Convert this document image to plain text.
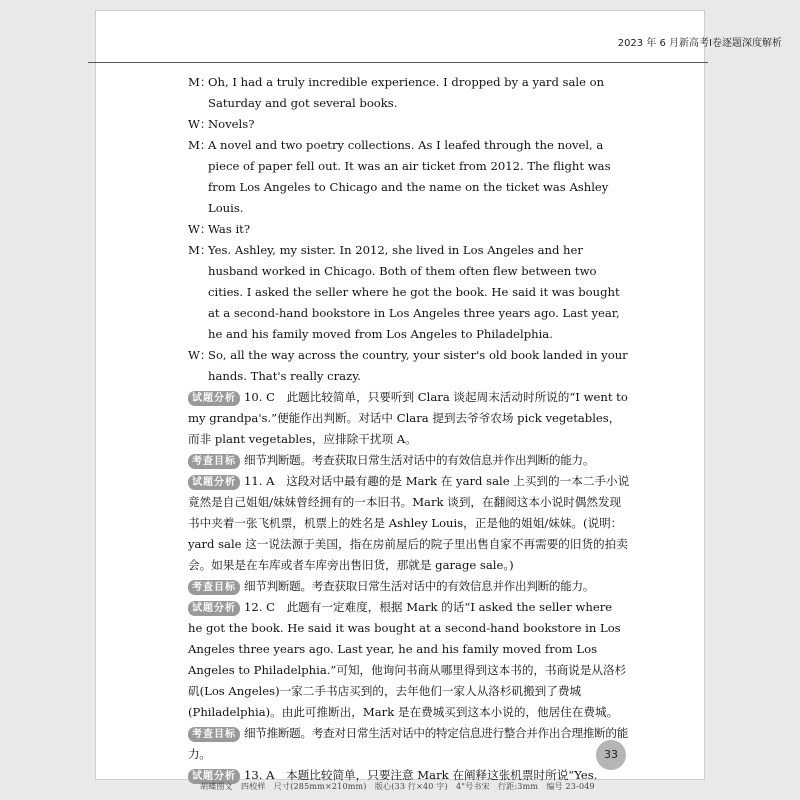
2023 年 6 月新高考Ⅰ卷逐题深度解析
M：
Oh, I had a truly incredible experience. I dropped by a yard sale on Saturday and got several books.
W：
Novels?
M：
A novel and two poetry collections. As I leafed through the novel, a piece of paper fell out. It was an air ticket from 2012. The flight was from Los Angeles to Chicago and the name on the ticket was Ashley Louis.
W：
Was it?
M：
Yes. Ashley, my sister. In 2012, she lived in Los Angeles and her husband worked in Chicago. Both of them often flew between two cities. I asked the seller where he got the book. He said it was bought at a second-hand bookstore in Los Angeles three years ago. Last year, he and his family moved from Los Angeles to Philadelphia.
W：
So, all the way across the country, your sister's old book landed in your hands. That's really crazy.

试题分析 10. C　此题比较简单，只要听到 Clara 谈起周末活动时所说的“I went to my grandpa's.”便能作出判断。对话中 Clara 提到去爷爷农场 pick vegetables，而非 plant vegetables，应排除干扰项 A。

考查目标 细节判断题。考查获取日常生活对话中的有效信息并作出判断的能力。

试题分析 11. A　这段对话中最有趣的是 Mark 在 yard sale 上买到的一本二手小说竟然是自己姐姐/妹妹曾经拥有的一本旧书。Mark 谈到，在翻阅这本小说时偶然发现书中夹着一张飞机票，机票上的姓名是 Ashley Louis，正是他的姐姐/妹妹。(说明：yard sale 这一说法源于美国，指在房前屋后的院子里出售自家不再需要的旧货的拍卖会。如果是在车库或者车库旁出售旧货，那就是 garage sale。)

考查目标 细节判断题。考查获取日常生活对话中的有效信息并作出判断的能力。

试题分析 12. C　此题有一定难度，根据 Mark 的话“I asked the seller where he got the book. He said it was bought at a second-hand bookstore in Los Angeles three years ago. Last year, he and his family moved from Los Angeles to Philadelphia.”可知，他询问书商从哪里得到这本书的，书商说是从洛杉矶(Los Angeles)一家二手书店买到的，去年他们一家人从洛杉矶搬到了费城(Philadelphia)。由此可推断出，Mark 是在费城买到这本小说的，他居住在费城。

考查目标 细节推断题。考查对日常生活对话中的特定信息进行整合并作出合理推断的能力。

试题分析 13. A　本题比较简单，只要注意 Mark 在阐释这张机票时所说“Yes.

33
胡蝶图文　四校样　尺寸(285mm×210mm)　版心(33 行×40 字)　4"号书宋　行距:3mm　编号 23-049
